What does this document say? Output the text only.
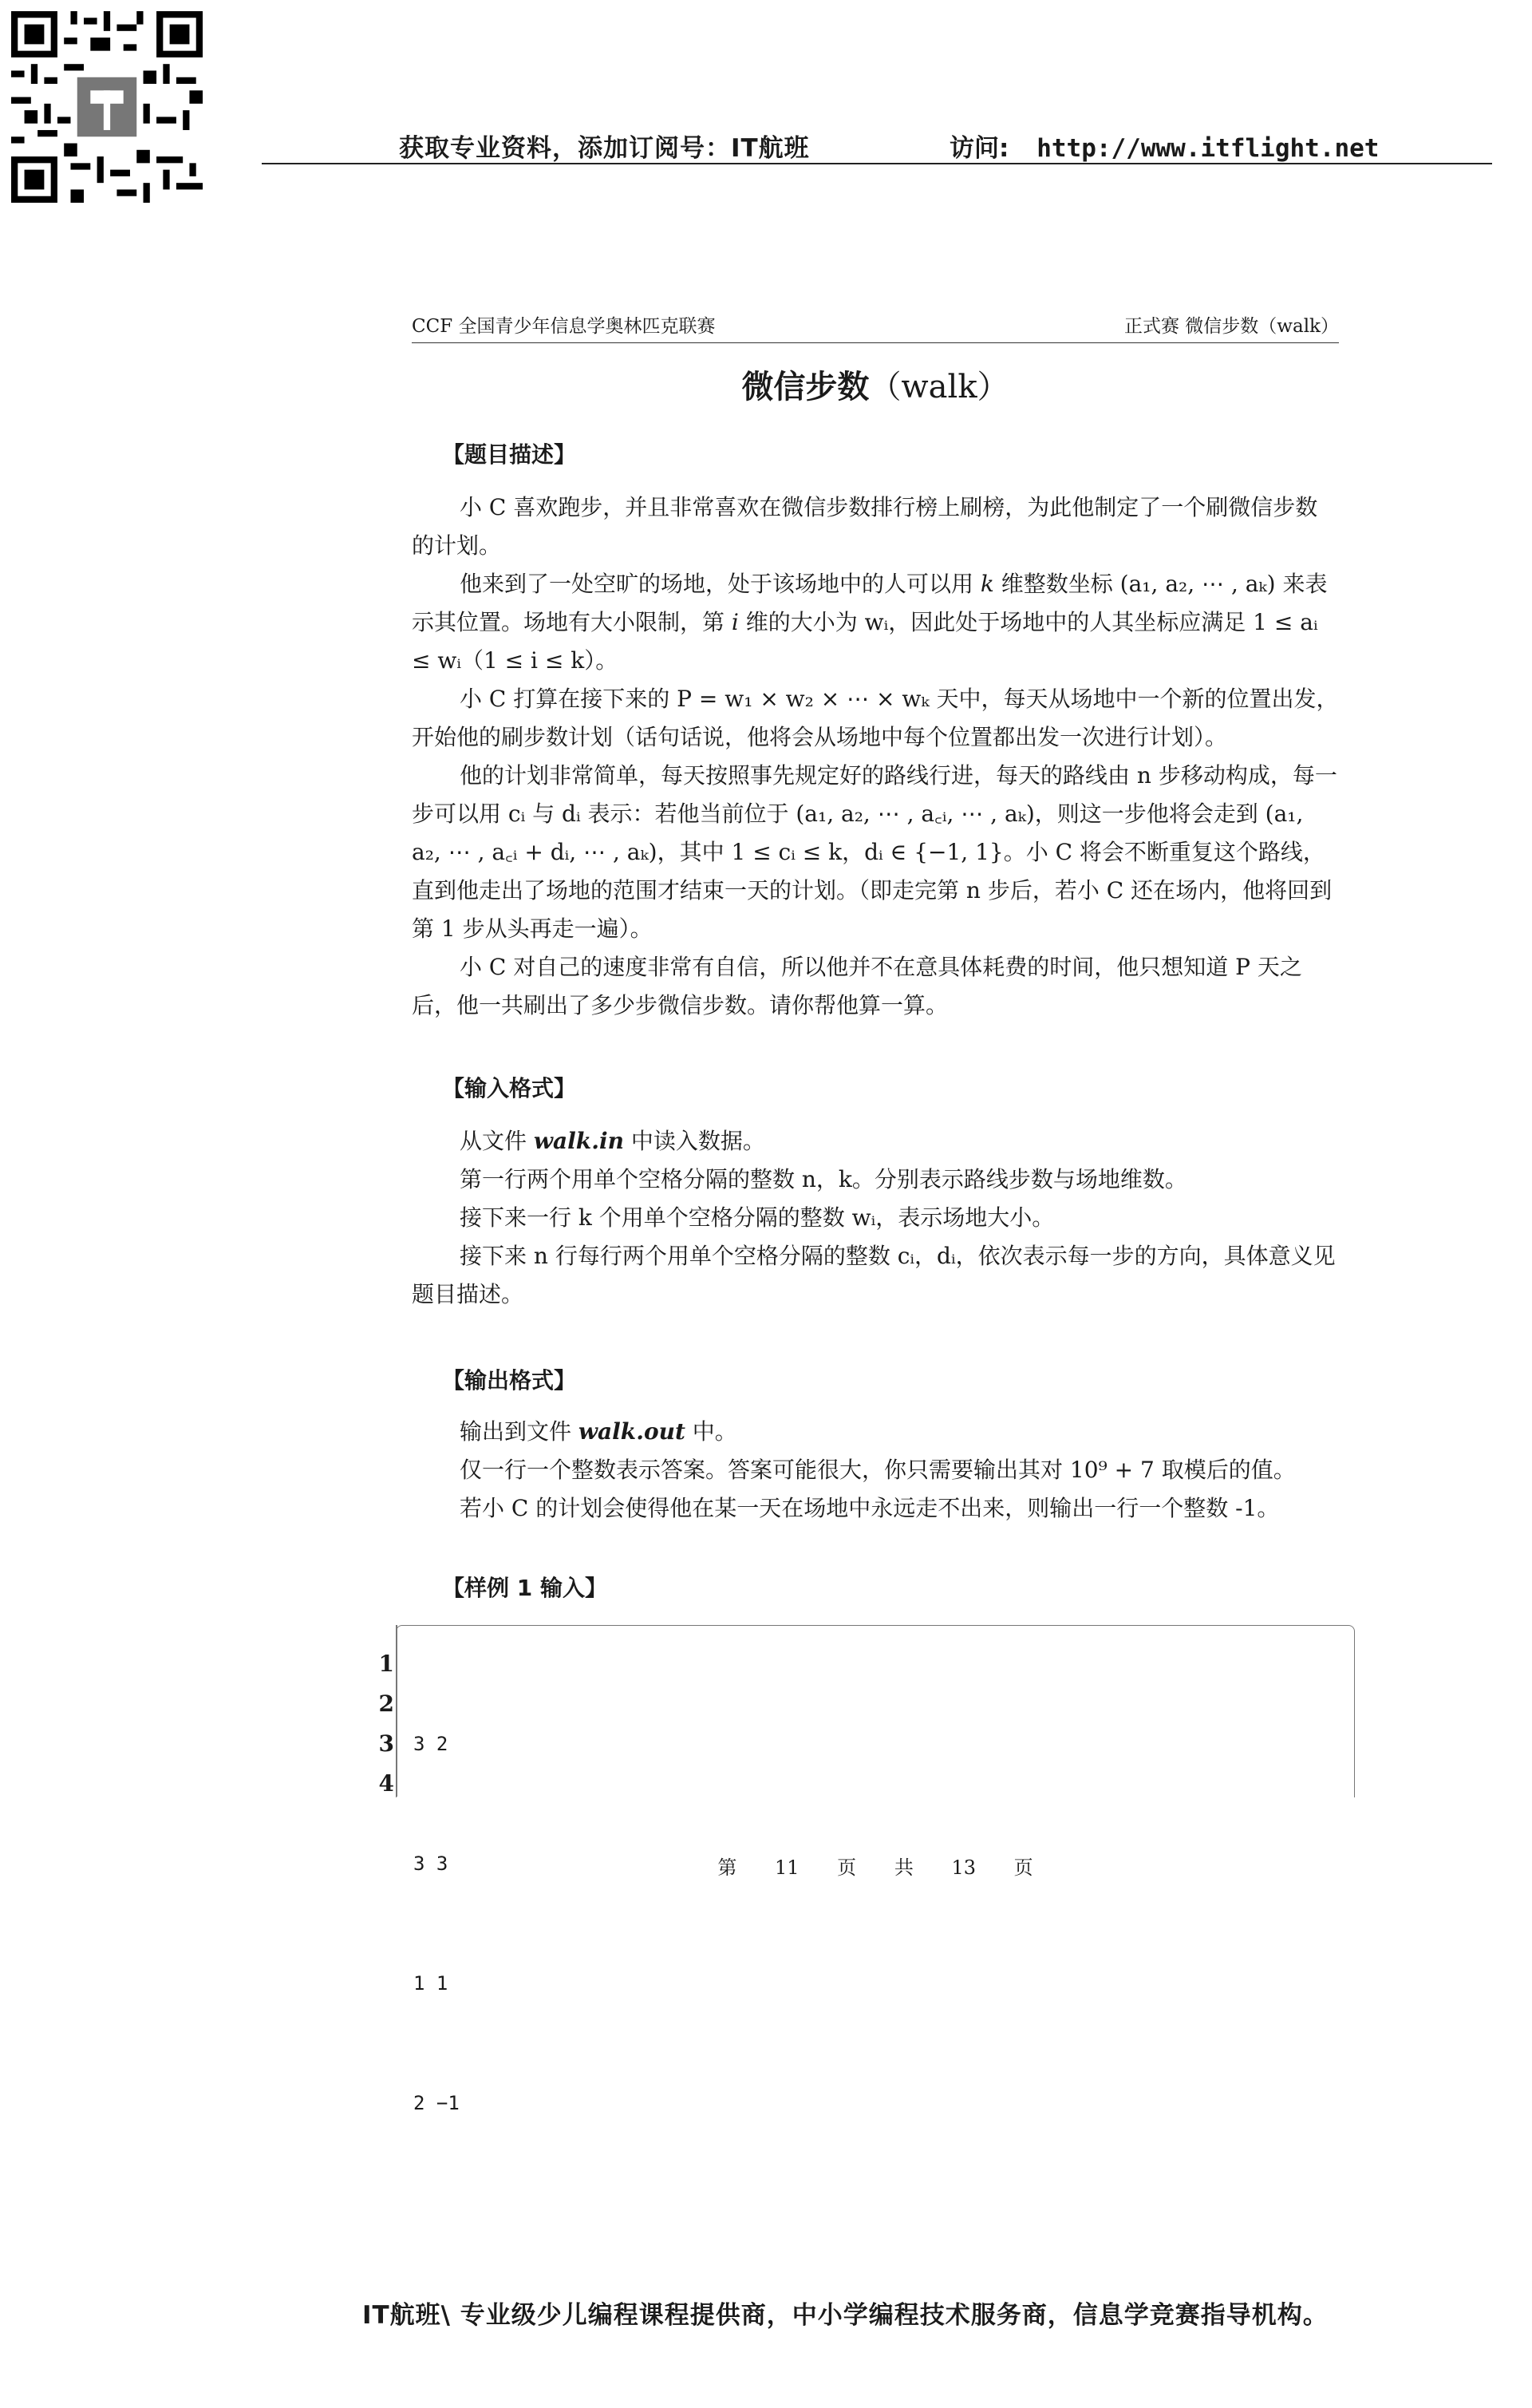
获取专业资料，添加订阅号：IT航班	访问: http://www.itflight.net
CCF 全国青少年信息学奥林匹克联赛	正式赛 微信步数（walk）
微信步数（walk）
【题目描述】

小 C 喜欢跑步，并且非常喜欢在微信步数排行榜上刷榜，为此他制定了一个刷微信步数的计划。

他来到了一处空旷的场地，处于该场地中的人可以用 k 维整数坐标 (a₁, a₂, ⋯ , aₖ) 来表示其位置。场地有大小限制，第 i 维的大小为 wᵢ，因此处于场地中的人其坐标应满足 1 ≤ aᵢ ≤ wᵢ（1 ≤ i ≤ k）。

小 C 打算在接下来的 P = w₁ × w₂ × ⋯ × wₖ 天中，每天从场地中一个新的位置出发，开始他的刷步数计划（话句话说，他将会从场地中每个位置都出发一次进行计划）。

他的计划非常简单，每天按照事先规定好的路线行进，每天的路线由 n 步移动构成，每一步可以用 cᵢ 与 dᵢ 表示：若他当前位于 (a₁, a₂, ⋯ , a꜀ᵢ, ⋯ , aₖ)，则这一步他将会走到 (a₁, a₂, ⋯ , a꜀ᵢ + dᵢ, ⋯ , aₖ)，其中 1 ≤ cᵢ ≤ k，dᵢ ∈ {−1, 1}。小 C 将会不断重复这个路线，直到他走出了场地的范围才结束一天的计划。（即走完第 n 步后，若小 C 还在场内，他将回到第 1 步从头再走一遍）。

小 C 对自己的速度非常有自信，所以他并不在意具体耗费的时间，他只想知道 P 天之后，他一共刷出了多少步微信步数。请你帮他算一算。

【输入格式】

从文件 walk.in 中读入数据。

第一行两个用单个空格分隔的整数 n，k。分别表示路线步数与场地维数。

接下来一行 k 个用单个空格分隔的整数 wᵢ，表示场地大小。

接下来 n 行每行两个用单个空格分隔的整数 cᵢ，dᵢ，依次表示每一步的方向，具体意义见题目描述。

【输出格式】

输出到文件 walk.out 中。

仅一行一个整数表示答案。答案可能很大，你只需要输出其对 10⁹ + 7 取模后的值。

若小 C 的计划会使得他在某一天在场地中永远走不出来，则输出一行一个整数 -1。

【样例 1 输入】
1
2
3
4

3 2

3 3

1 1

2 −1

第 11 页 共 13 页
IT航班\ 专业级少儿编程课程提供商，中小学编程技术服务商，信息学竞赛指导机构。
